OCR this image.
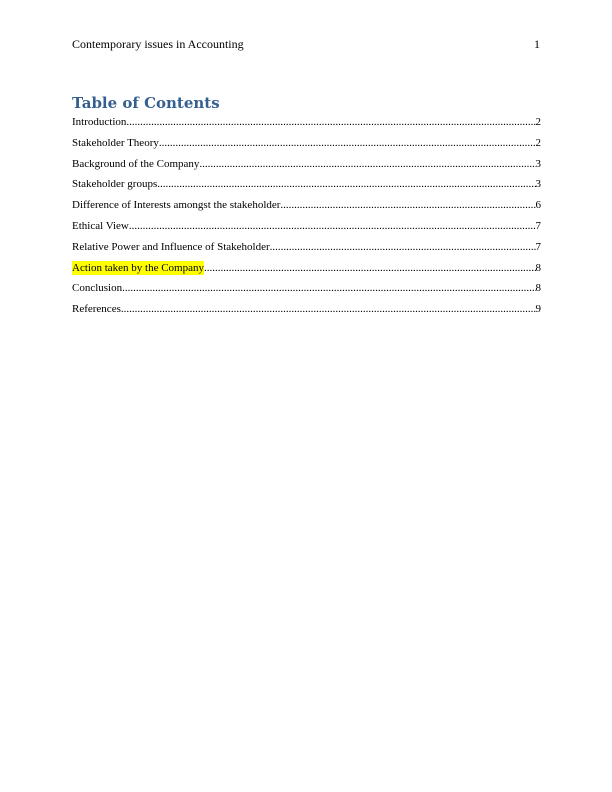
Contemporary issues in Accounting	1
Table of Contents
Introduction .....	2
Stakeholder Theory .....	2
Background of the Company .....	3
Stakeholder groups .....	3
Difference of Interests amongst the stakeholder .....	6
Ethical View .....	7
Relative Power and Influence of Stakeholder .....	7
Action taken by the Company .....	8
Conclusion .....	8
References .....	9
